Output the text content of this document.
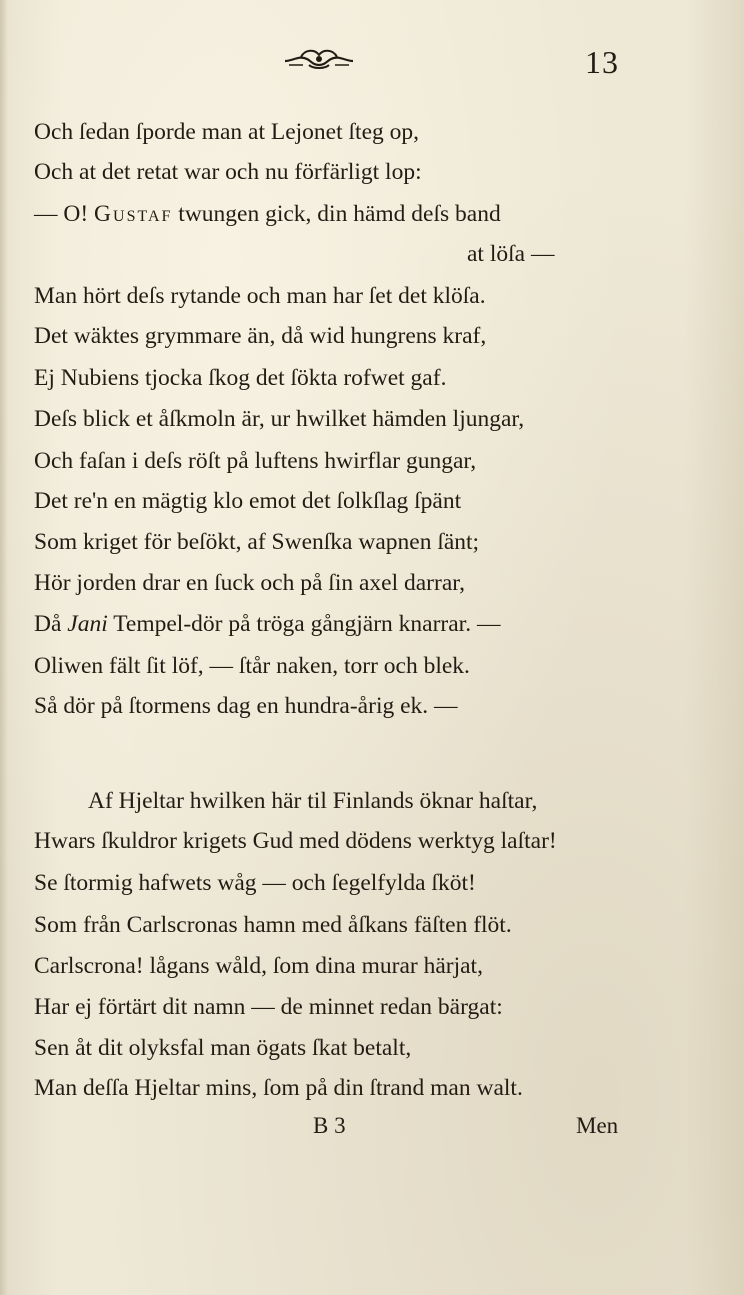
13
Och ſedan ſporde man at Lejonet ſteg op,
Och at det retat war och nu förfärligt lop:
— O! Gustaf twungen gick, din hämd deſs band
at löſa —
Man hört deſs rytande och man har ſet det klöſa.
Det wäktes grymmare än, då wid hungrens kraf,
Ej Nubiens tjocka ſkog det ſökta rofwet gaf.
Deſs blick et åſkmoln är, ur hwilket hämden ljungar,
Och faſan i deſs röſt på luftens hwirflar gungar,
Det re'n en mägtig klo emot det ſolkſlag ſpänt
Som kriget för beſökt, af Swenſka wapnen ſänt;
Hör jorden drar en ſuck och på ſin axel darrar,
Då Jani Tempel-dör på tröga gångjärn knarrar. —
Oliwen fält ſit löf, — ſtår naken, torr och blek.
Så dör på ſtormens dag en hundra-årig ek. —
Af Hjeltar hwilken här til Finlands öknar haſtar,
Hwars ſkuldror krigets Gud med dödens werktyg laſtar!
Se ſtormig hafwets wåg — och ſegelfylda ſköt!
Som från Carlscronas hamn med åſkans fäſten flöt.
Carlscrona! lågans wåld, ſom dina murar härjat,
Har ej förtärt dit namn — de minnet redan bärgat:
Sen åt dit olyksfal man ögats ſkat betalt,
Man deſſa Hjeltar mins, ſom på din ſtrand man walt.
B 3	Men
